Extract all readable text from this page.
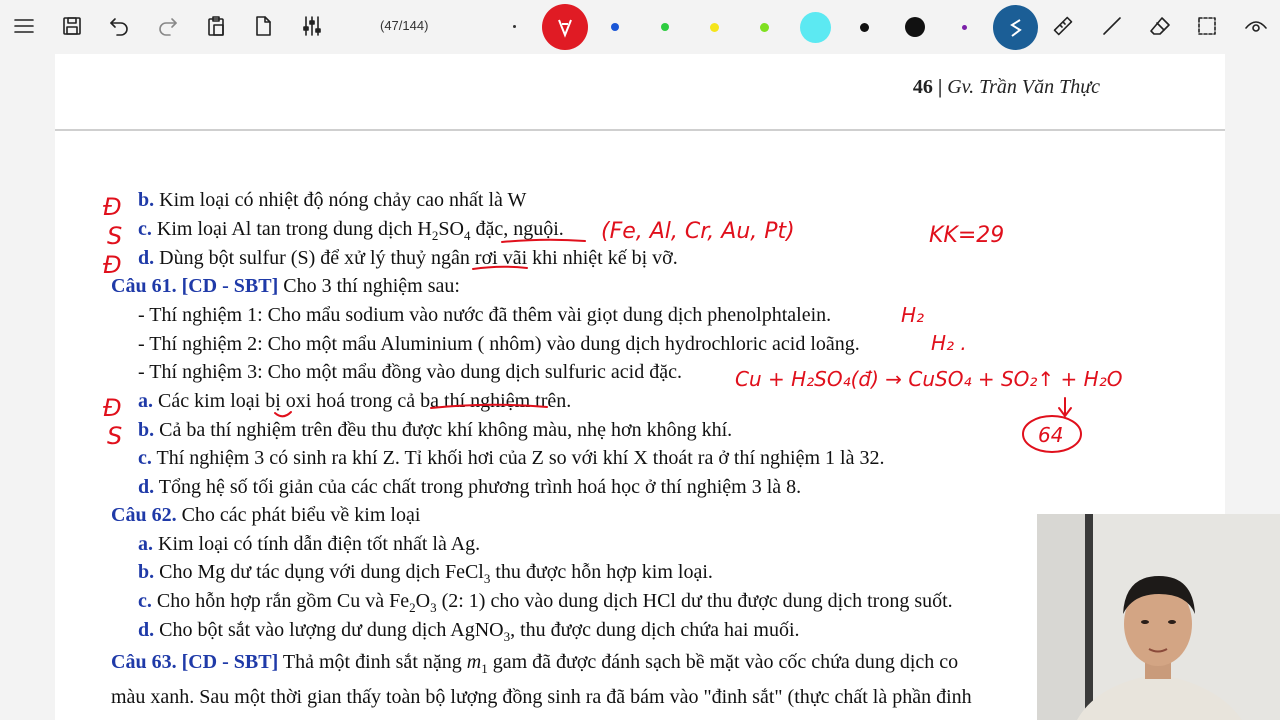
(47/144)
46 | Gv. Trần Văn Thực
b. Kim loại có nhiệt độ nóng chảy cao nhất là W
c. Kim loại Al tan trong dung dịch $H_2SO_4$ đặc, nguội.
d. Dùng bột sulfur (S) để xử lý thuỷ ngân rơi vãi khi nhiệt kế bị vỡ.
Câu 61. [CD - SBT] Cho 3 thí nghiệm sau:
- Thí nghiệm 1: Cho mẩu sodium vào nước đã thêm vài giọt dung dịch phenolphtalein.
- Thí nghiệm 2: Cho một mẩu Aluminium ( nhôm) vào dung dịch hydrochloric acid loãng.
- Thí nghiệm 3: Cho một mẩu đồng vào dung dịch sulfuric acid đặc.
a. Các kim loại bị oxi hoá trong cả ba thí nghiệm trên.
b. Cả ba thí nghiệm trên đều thu được khí không màu, nhẹ hơn không khí.
c. Thí nghiệm 3 có sinh ra khí Z. Tỉ khối hơi của Z so với khí X thoát ra ở thí nghiệm 1 là 32.
d. Tổng hệ số tối giản của các chất trong phương trình hoá học ở thí nghiệm 3 là 8.
Câu 62. Cho các phát biểu về kim loại
a. Kim loại có tính dẫn điện tốt nhất là Ag.
b. Cho Mg dư tác dụng với dung dịch FeCl$_3$ thu được hỗn hợp kim loại.
c. Cho hỗn hợp rắn gồm Cu và $Fe_2O_3$ (2: 1) cho vào dung dịch HCl dư thu được dung dịch trong suốt.
d. Cho bột sắt vào lượng dư dung dịch AgNO$_3$, thu được dung dịch chứa hai muối.
Câu 63. [CD - SBT] Thả một đinh sắt nặng $m_1$ gam đã được đánh sạch bề mặt vào cốc chứa dung dịch co
màu xanh. Sau một thời gian thấy toàn bộ lượng đồng sinh ra đã bám vào "đinh sắt" (thực chất là phần đinh
Đ
S
Đ
Đ
S
(Fe, Al, Cr, Au, Pt)	KK=29
H₂
H₂ .
Cu + H₂SO₄(đ) → CuSO₄ + SO₂↑ + H₂O
64
